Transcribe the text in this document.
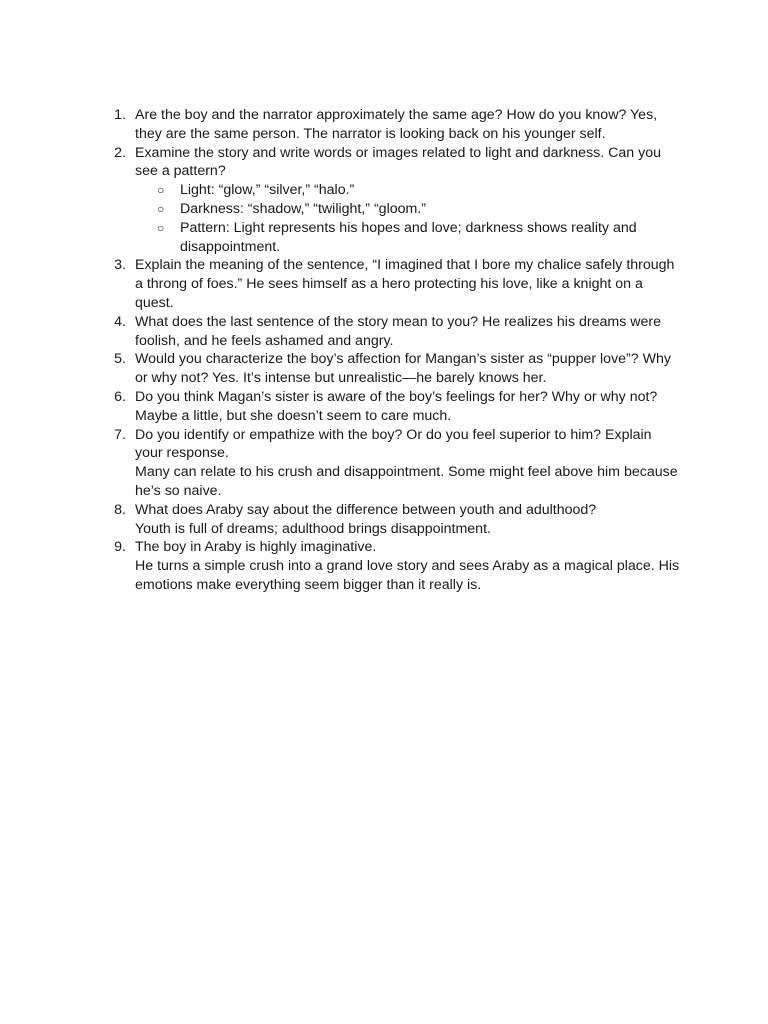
1. Are the boy and the narrator approximately the same age? How do you know? Yes, they are the same person. The narrator is looking back on his younger self.
2. Examine the story and write words or images related to light and darkness. Can you see a pattern?
○ Light: “glow,” “silver,” “halo.”
○ Darkness: “shadow,” “twilight,” “gloom.”
○ Pattern: Light represents his hopes and love; darkness shows reality and disappointment.
3. Explain the meaning of the sentence, “I imagined that I bore my chalice safely through a throng of foes.” He sees himself as a hero protecting his love, like a knight on a quest.
4. What does the last sentence of the story mean to you? He realizes his dreams were foolish, and he feels ashamed and angry.
5. Would you characterize the boy’s affection for Mangan’s sister as “pupper love”? Why or why not? Yes. It’s intense but unrealistic—he barely knows her.
6. Do you think Magan’s sister is aware of the boy’s feelings for her? Why or why not? Maybe a little, but she doesn’t seem to care much.
7. Do you identify or empathize with the boy? Or do you feel superior to him? Explain your response.
Many can relate to his crush and disappointment. Some might feel above him because he’s so naive.
8. What does Araby say about the difference between youth and adulthood?
Youth is full of dreams; adulthood brings disappointment.
9. The boy in Araby is highly imaginative.
He turns a simple crush into a grand love story and sees Araby as a magical place. His emotions make everything seem bigger than it really is.
